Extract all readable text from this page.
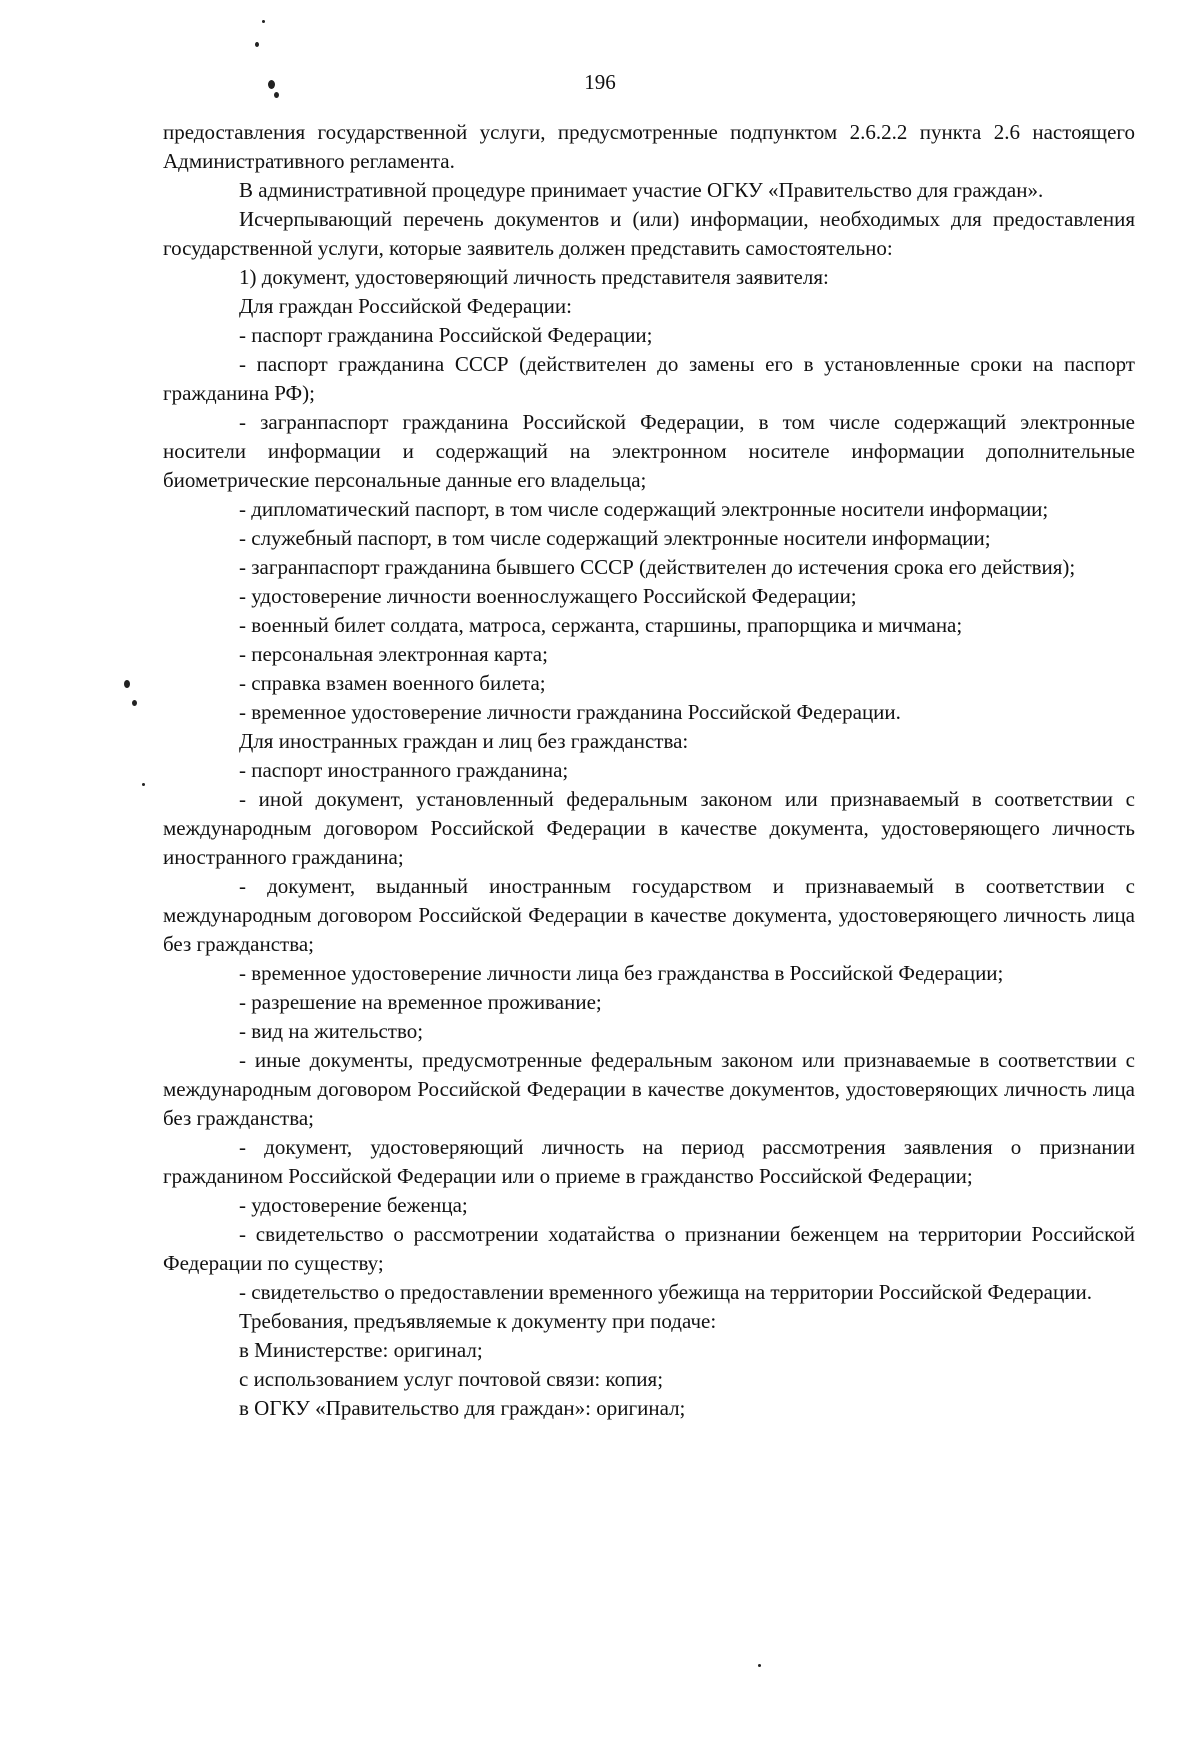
196

предоставления государственной услуги, предусмотренные подпунктом 2.6.2.2 пункта 2.6 настоящего Административного регламента.

В административной процедуре принимает участие ОГКУ «Правительство для граждан».

Исчерпывающий перечень документов и (или) информации, необходимых для предоставления государственной услуги, которые заявитель должен представить самостоятельно:

1) документ, удостоверяющий личность представителя заявителя:

Для граждан Российской Федерации:

- паспорт гражданина Российской Федерации;

- паспорт гражданина СССР (действителен до замены его в установленные сроки на паспорт гражданина РФ);

- загранпаспорт гражданина Российской Федерации, в том числе содержащий электронные носители информации и содержащий на электронном носителе информации дополнительные биометрические персональные данные его владельца;

- дипломатический паспорт, в том числе содержащий электронные носители информации;

- служебный паспорт, в том числе содержащий электронные носители информации;

- загранпаспорт гражданина бывшего СССР (действителен до истечения срока его действия);

- удостоверение личности военнослужащего Российской Федерации;

- военный билет солдата, матроса, сержанта, старшины, прапорщика и мичмана;

- персональная электронная карта;

- справка взамен военного билета;

- временное удостоверение личности гражданина Российской Федерации.

Для иностранных граждан и лиц без гражданства:

- паспорт иностранного гражданина;

- иной документ, установленный федеральным законом или признаваемый в соответствии с международным договором Российской Федерации в качестве документа, удостоверяющего личность иностранного гражданина;

- документ, выданный иностранным государством и признаваемый в соответствии с международным договором Российской Федерации в качестве документа, удостоверяющего личность лица без гражданства;

- временное удостоверение личности лица без гражданства в Российской Федерации;

- разрешение на временное проживание;

- вид на жительство;

- иные документы, предусмотренные федеральным законом или признаваемые в соответствии с международным договором Российской Федерации в качестве документов, удостоверяющих личность лица без гражданства;

- документ, удостоверяющий личность на период рассмотрения заявления о признании гражданином Российской Федерации или о приеме в гражданство Российской Федерации;

- удостоверение беженца;

- свидетельство о рассмотрении ходатайства о признании беженцем на территории Российской Федерации по существу;

- свидетельство о предоставлении временного убежища на территории Российской Федерации.

Требования, предъявляемые к документу при подаче:

в Министерстве: оригинал;

с использованием услуг почтовой связи: копия;

в ОГКУ «Правительство для граждан»: оригинал;
